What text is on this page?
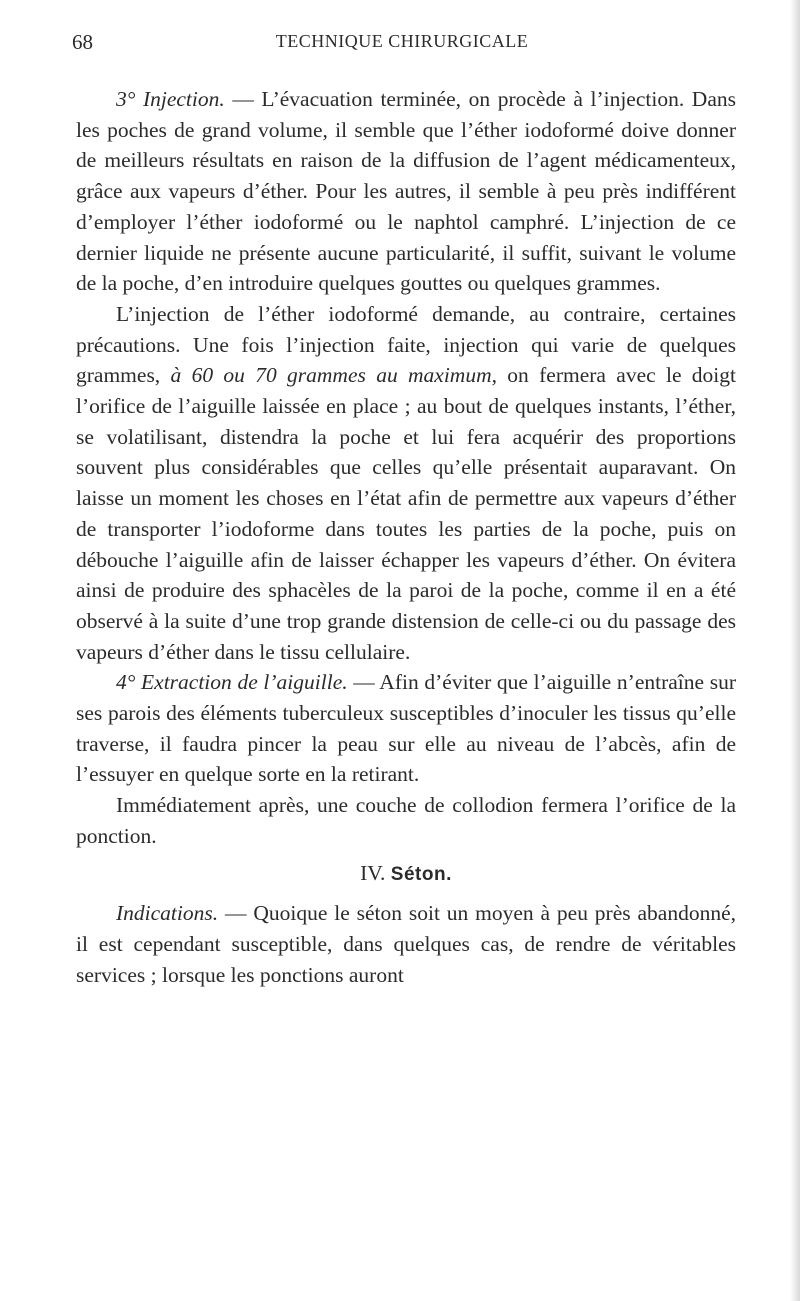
68	TECHNIQUE CHIRURGICALE

3° Injection. — L’évacuation terminée, on procède à l’injection. Dans les poches de grand volume, il semble que l’éther iodoformé doive donner de meilleurs résultats en raison de la diffusion de l’agent médicamenteux, grâce aux vapeurs d’éther. Pour les autres, il semble à peu près indifférent d’employer l’éther iodoformé ou le naphtol camphré. L’injection de ce dernier liquide ne présente aucune particularité, il suffit, suivant le volume de la poche, d’en introduire quelques gouttes ou quelques grammes.

L’injection de l’éther iodoformé demande, au contraire, certaines précautions. Une fois l’injection faite, injection qui varie de quelques grammes, à 60 ou 70 grammes au maximum, on fermera avec le doigt l’orifice de l’aiguille laissée en place ; au bout de quelques instants, l’éther, se volatilisant, distendra la poche et lui fera acquérir des proportions souvent plus considérables que celles qu’elle présentait auparavant. On laisse un moment les choses en l’état afin de permettre aux vapeurs d’éther de transporter l’iodoforme dans toutes les parties de la poche, puis on débouche l’aiguille afin de laisser échapper les vapeurs d’éther. On évitera ainsi de produire des sphacèles de la paroi de la poche, comme il en a été observé à la suite d’une trop grande distension de celle-ci ou du passage des vapeurs d’éther dans le tissu cellulaire.

4° Extraction de l’aiguille. — Afin d’éviter que l’aiguille n’entraîne sur ses parois des éléments tuberculeux susceptibles d’inoculer les tissus qu’elle traverse, il faudra pincer la peau sur elle au niveau de l’abcès, afin de l’essuyer en quelque sorte en la retirant.

Immédiatement après, une couche de collodion fermera l’orifice de la ponction.

IV. Séton.

Indications. — Quoique le séton soit un moyen à peu près abandonné, il est cependant susceptible, dans quelques cas, de rendre de véritables services ; lorsque les ponctions auront
